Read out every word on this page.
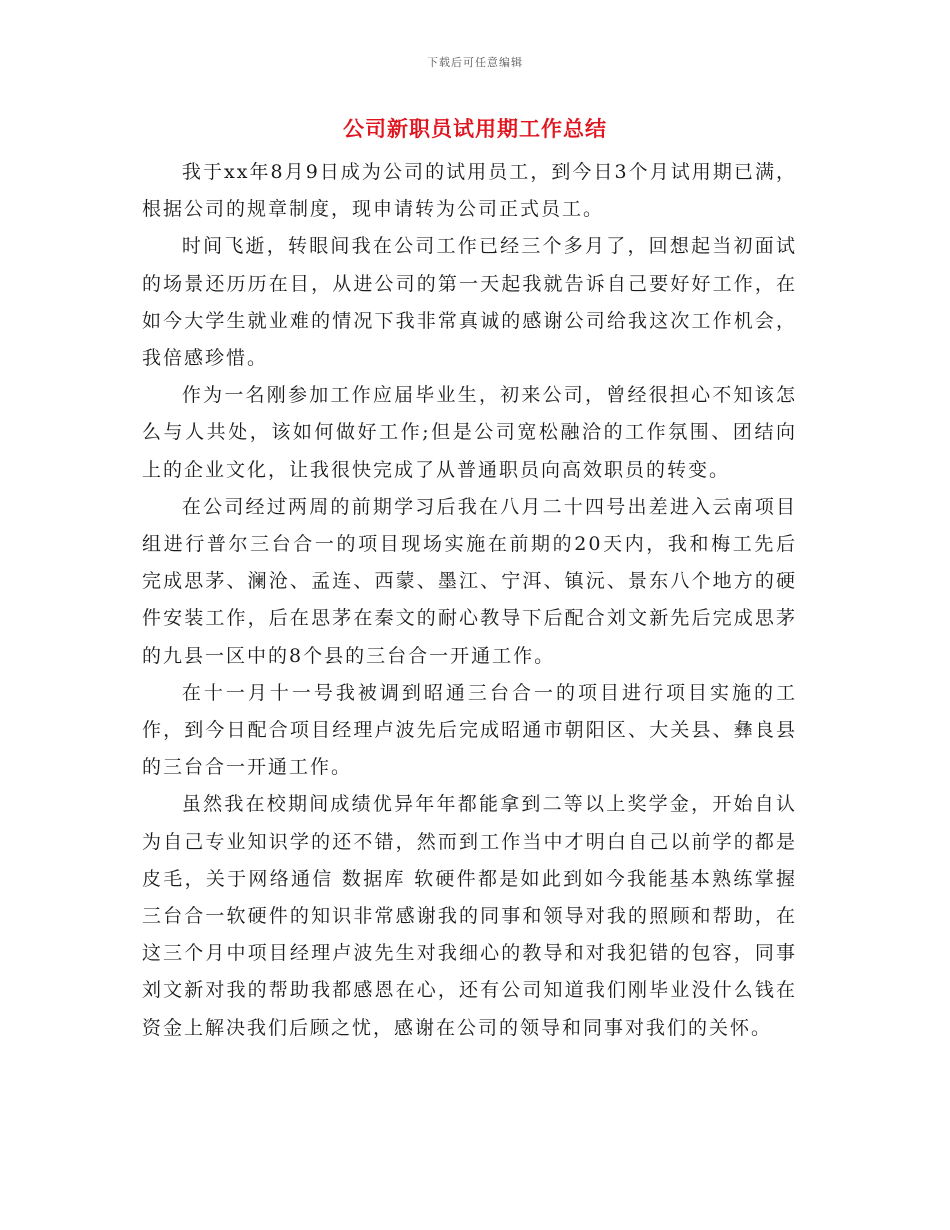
下载后可任意编辑
公司新职员试用期工作总结

我于xx年8月9日成为公司的试用员工，到今日3个月试用期已满，根据公司的规章制度，现申请转为公司正式员工。

时间飞逝，转眼间我在公司工作已经三个多月了，回想起当初面试的场景还历历在目，从进公司的第一天起我就告诉自己要好好工作，在如今大学生就业难的情况下我非常真诚的感谢公司给我这次工作机会，我倍感珍惜。

作为一名刚参加工作应届毕业生，初来公司，曾经很担心不知该怎么与人共处，该如何做好工作;但是公司宽松融洽的工作氛围、团结向上的企业文化，让我很快完成了从普通职员向高效职员的转变。

在公司经过两周的前期学习后我在八月二十四号出差进入云南项目组进行普尔三台合一的项目现场实施在前期的20天内，我和梅工先后完成思茅、澜沧、孟连、西蒙、墨江、宁洱、镇沅、景东八个地方的硬件安装工作，后在思茅在秦文的耐心教导下后配合刘文新先后完成思茅的九县一区中的8个县的三台合一开通工作。

在十一月十一号我被调到昭通三台合一的项目进行项目实施的工作，到今日配合项目经理卢波先后完成昭通市朝阳区、大关县、彝良县的三台合一开通工作。

虽然我在校期间成绩优异年年都能拿到二等以上奖学金，开始自认为自己专业知识学的还不错，然而到工作当中才明白自己以前学的都是皮毛，关于网络通信 数据库 软硬件都是如此到如今我能基本熟练掌握三台合一软硬件的知识非常感谢我的同事和领导对我的照顾和帮助，在这三个月中项目经理卢波先生对我细心的教导和对我犯错的包容，同事刘文新对我的帮助我都感恩在心，还有公司知道我们刚毕业没什么钱在资金上解决我们后顾之忧，感谢在公司的领导和同事对我们的关怀。
